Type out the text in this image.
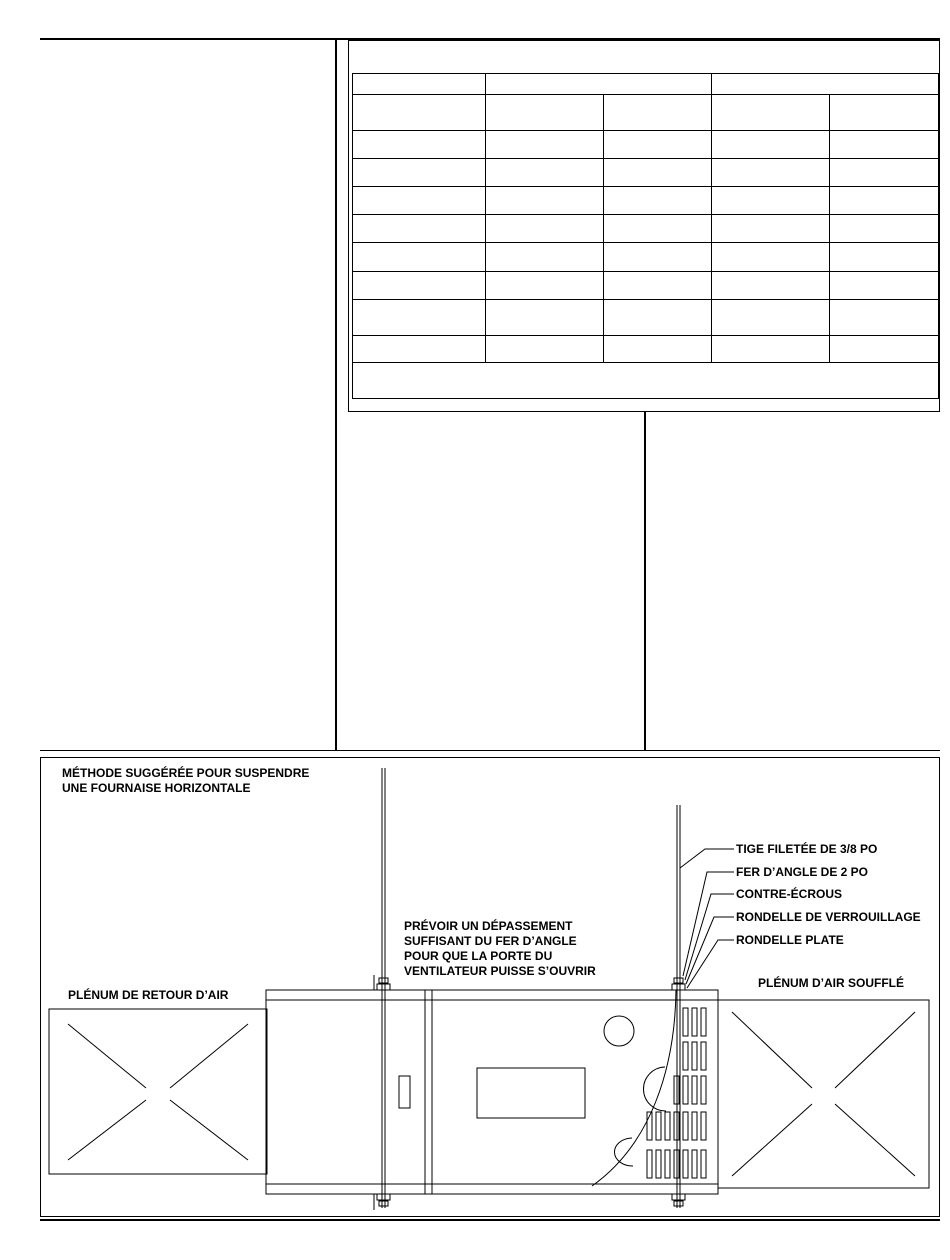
MÉTHODE SUGGÉRÉE POUR SUSPENDRE
UNE FOURNAISE HORIZONTALE
PLÉNUM DE RETOUR D’AIR
PLÉNUM D’AIR SOUFFLÉ
PRÉVOIR UN DÉPASSEMENT
SUFFISANT DU FER D’ANGLE
POUR QUE LA PORTE DU
VENTILATEUR PUISSE S’OUVRIR
TIGE FILETÉE DE 3/8 PO
FER D’ANGLE DE 2 PO
CONTRE-ÉCROUS
RONDELLE DE VERROUILLAGE
RONDELLE PLATE
